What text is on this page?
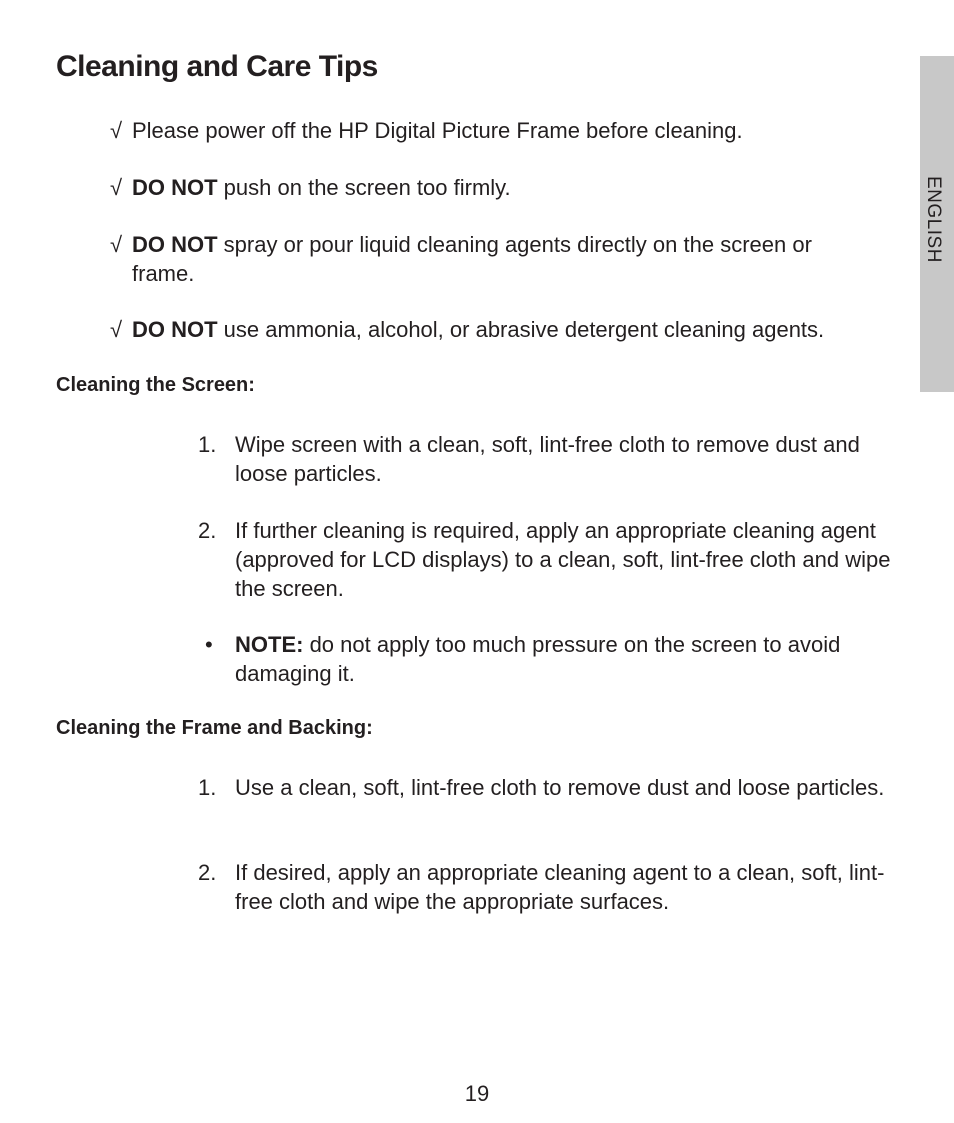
Cleaning and Care Tips
ENGLISH
√ Please power off the HP Digital Picture Frame before cleaning.
√ DO NOT push on the screen too firmly.
√ DO NOT spray or pour liquid cleaning agents directly on the screen or frame.
√ DO NOT use ammonia, alcohol, or abrasive detergent cleaning agents.
Cleaning the Screen:
1. Wipe screen with a clean, soft, lint-free cloth to remove dust and loose particles.
2. If further cleaning is required, apply an appropriate cleaning agent (approved for LCD displays) to a clean, soft, lint-free cloth and wipe the screen.
• NOTE: do not apply too much pressure on the screen to avoid damaging it.
Cleaning the Frame and Backing:
1. Use a clean, soft, lint-free cloth to remove dust and loose particles.
2. If desired, apply an appropriate cleaning agent to a clean, soft, lint-free cloth and wipe the appropriate surfaces.
19
